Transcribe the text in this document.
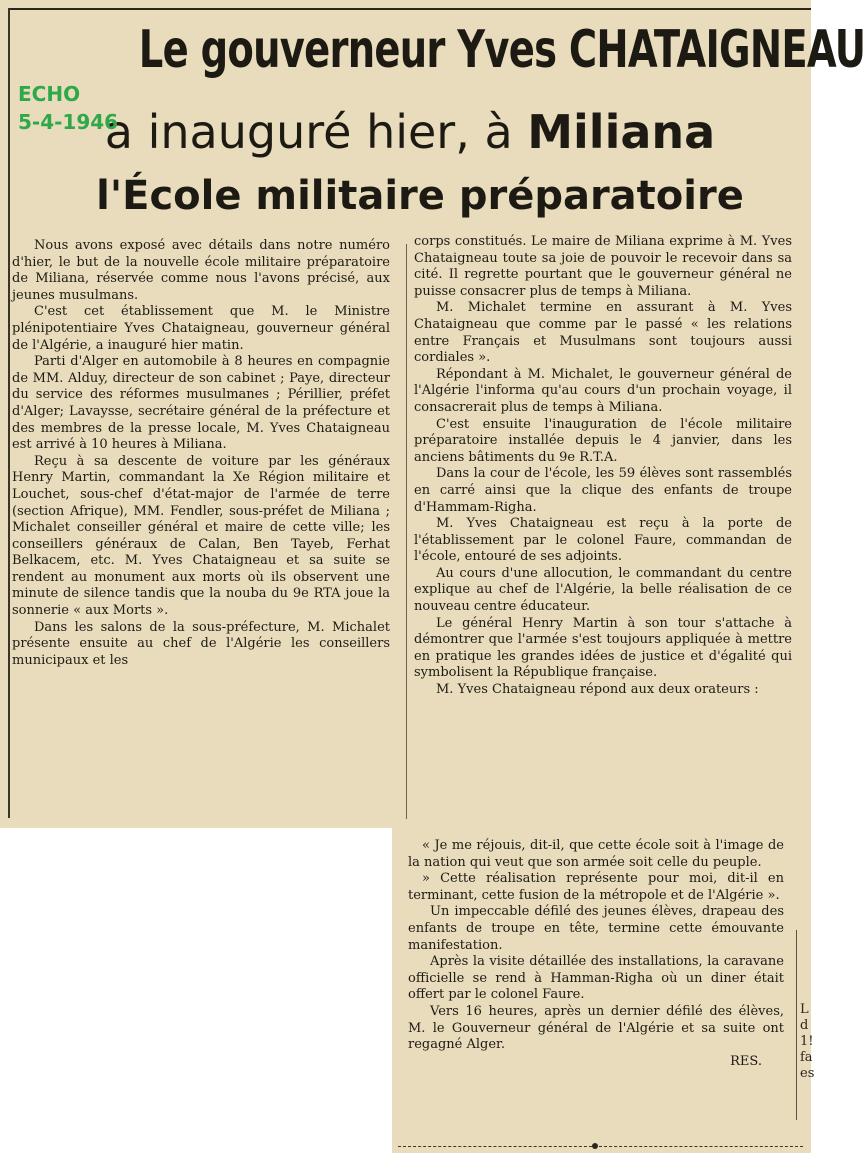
L
d
1!
fa
es
Le gouverneur Yves CHATAIGNEAU
a inauguré hier, à Miliana
l'École militaire préparatoire
ECHO
5-4-1946

Nous avons exposé avec détails dans notre numéro d'hier, le but de la nouvelle école militaire préparatoire de Miliana, réservée comme nous l'avons précisé, aux jeunes musulmans.

C'est cet établissement que M. le Ministre plénipotentiaire Yves Chataigneau, gouverneur général de l'Algérie, a inauguré hier matin.

Parti d'Alger en automobile à 8 heures en compagnie de MM. Alduy, directeur de son cabinet ; Paye, directeur du service des réformes musulmanes ; Périllier, préfet d'Alger; Lavaysse, secrétaire général de la préfecture et des membres de la presse locale, M. Yves Chataigneau est arrivé à 10 heures à Miliana.

Reçu à sa descente de voiture par les généraux Henry Martin, commandant la Xe Région militaire et Louchet, sous-chef d'état-major de l'armée de terre (section Afrique), MM. Fendler, sous-préfet de Miliana ; Michalet conseiller général et maire de cette ville; les conseillers généraux de Calan, Ben Tayeb, Ferhat Belkacem, etc. M. Yves Chataigneau et sa suite se rendent au monument aux morts où ils observent une minute de silence tandis que la nouba du 9e RTA joue la sonnerie « aux Morts ».

Dans les salons de la sous-préfecture, M. Michalet présente ensuite au chef de l'Algérie les conseillers municipaux et les

corps constitués. Le maire de Miliana exprime à M. Yves Chataigneau toute sa joie de pouvoir le recevoir dans sa cité. Il regrette pourtant que le gouverneur général ne puisse consacrer plus de temps à Miliana.

M. Michalet termine en assurant à M. Yves Chataigneau que comme par le passé « les relations entre Français et Musulmans sont toujours aussi cordiales ».

Répondant à M. Michalet, le gouverneur général de l'Algérie l'informa qu'au cours d'un prochain voyage, il consacrerait plus de temps à Miliana.

C'est ensuite l'inauguration de l'école militaire préparatoire installée depuis le 4 janvier, dans les anciens bâtiments du 9e R.T.A.

Dans la cour de l'école, les 59 élèves sont rassemblés en carré ainsi que la clique des enfants de troupe d'Hammam-Righa.

M. Yves Chataigneau est reçu à la porte de l'établissement par le colonel Faure, commandan de l'école, entouré de ses adjoints.

Au cours d'une allocution, le commandant du centre explique au chef de l'Algérie, la belle réalisation de ce nouveau centre éducateur.

Le général Henry Martin à son tour s'attache à démontrer que l'armée s'est toujours appliquée à mettre en pratique les grandes idées de justice et d'égalité qui symbolisent la République française.

M. Yves Chataigneau répond aux deux orateurs :

« Je me réjouis, dit-il, que cette école soit à l'image de la nation qui veut que son armée soit celle du peuple.

» Cette réalisation représente pour moi, dit-il en terminant, cette fusion de la métropole et de l'Algérie ».

Un impeccable défilé des jeunes élèves, drapeau des enfants de troupe en tête, termine cette émouvante manifestation.

Après la visite détaillée des installations, la caravane officielle se rend à Hamman-Righa où un diner était offert par le colonel Faure.

Vers 16 heures, après un dernier défilé des élèves, M. le Gouverneur général de l'Algérie et sa suite ont regagné Alger.

RES.
